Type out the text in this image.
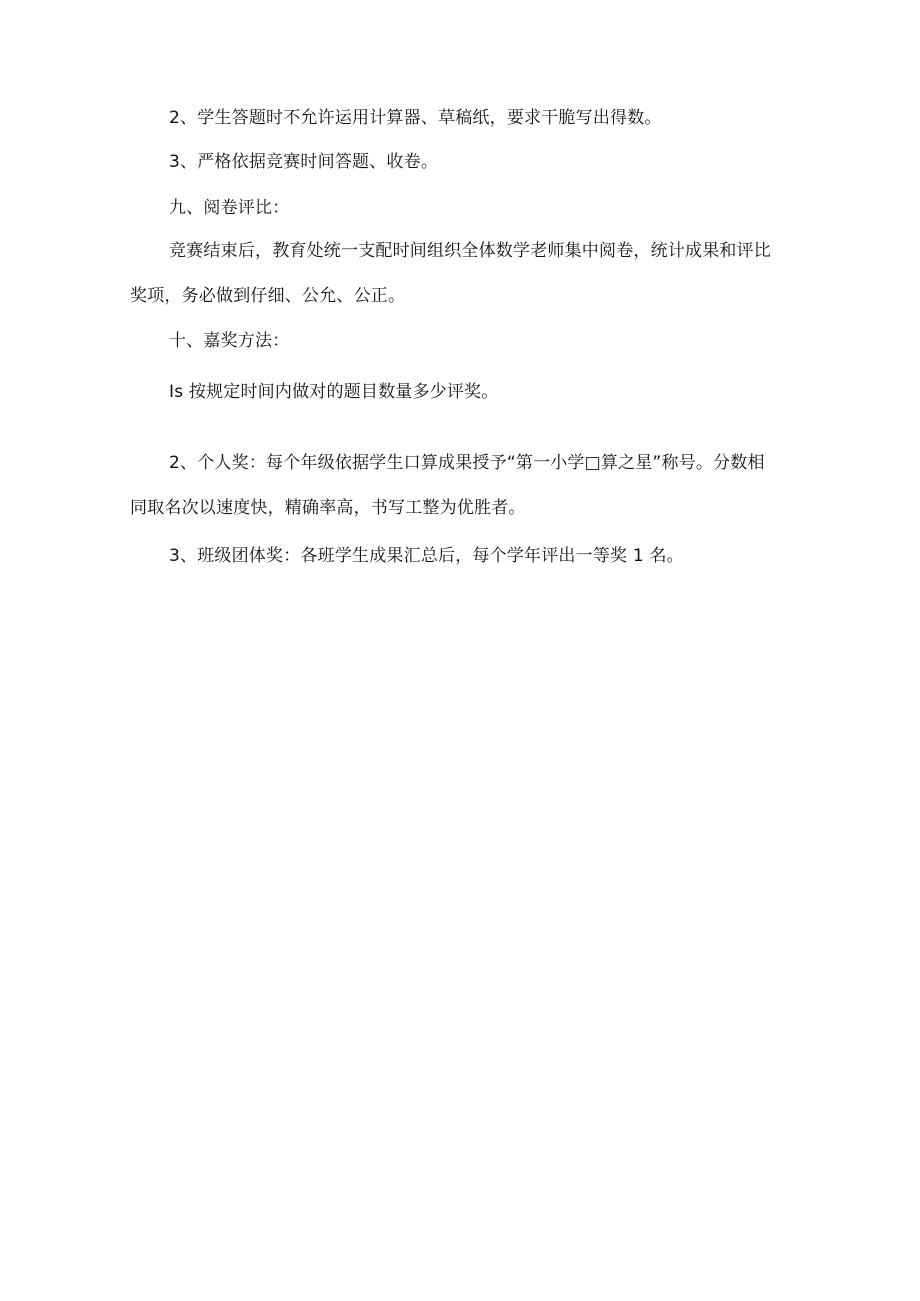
2、学生答题时不允许运用计算器、草稿纸，要求干脆写出得数。

3、严格依据竞赛时间答题、收卷。

九、阅卷评比：

竞赛结束后，教育处统一支配时间组织全体数学老师集中阅卷，统计成果和评比

奖项，务必做到仔细、公允、公正。

十、嘉奖方法：

Is 按规定时间内做对的题目数量多少评奖。

2、个人奖：每个年级依据学生口算成果授予“第一小学□算之星”称号。分数相

同取名次以速度快，精确率高，书写工整为优胜者。

3、班级团体奖：各班学生成果汇总后，每个学年评出一等奖 1 名。
